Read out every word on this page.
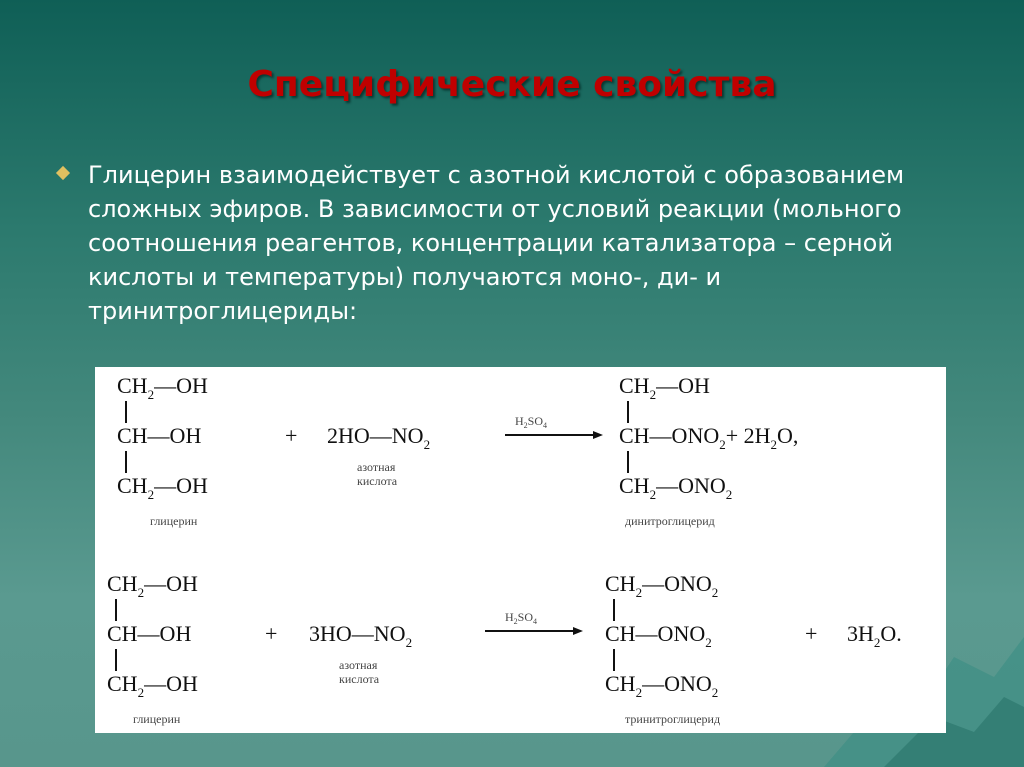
Специфические свойства

Глицерин взаимодействует с азотной кислотой с образованием сложных эфиров. В зависимости от условий реакции (мольного соотношения реагентов, концентрации катализатора – серной кислоты и температуры) получаются моно-, ди- и тринитроглицериды:

$CH_2—OH$
CH—OH
$CH_2—OH$
глицерин
+ $2HO—NO_2$
азотная
кислота
$H_2SO_4$
$CH_2—OH$
$CH—ONO_2+ 2H_2O$,
$CH_2—ONO_2$
динитроглицерид
$CH_2—OH$
CH—OH
$CH_2—OH$
глицерин
+ $3HO—NO_2$
азотная
кислота
$H_2SO_4$
$CH_2—ONO_2$
$CH—ONO_2$	+ $3H_2O$.
$CH_2—ONO_2$
тринитроглицерид
